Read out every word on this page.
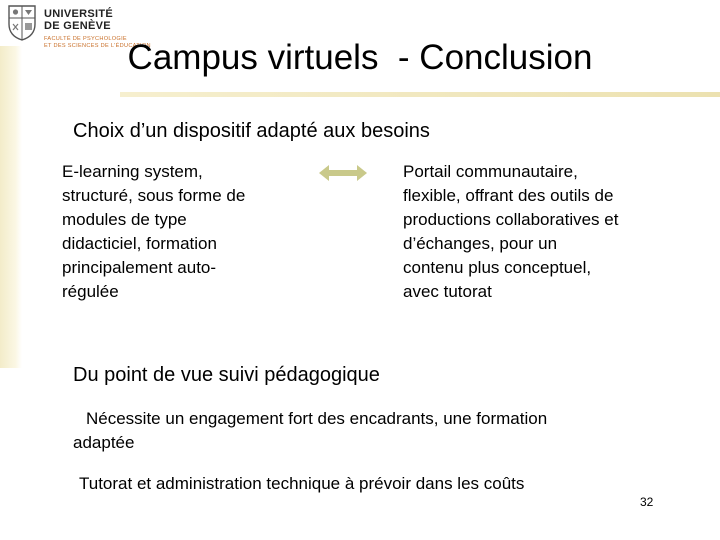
UNIVERSITÉ
DE GENÈVE
FACULTÉ DE PSYCHOLOGIE
ET DES SCIENCES DE L'ÉDUCATION
Campus virtuels  - Conclusion
Choix d’un dispositif adapté aux besoins
E-learning system,
structuré, sous forme de
modules de type
didacticiel, formation
principalement auto-
régulée
Portail communautaire,
flexible, offrant des outils de
productions collaboratives et
d’échanges, pour un
contenu plus conceptuel,
avec tutorat
Du point de vue suivi pédagogique
Nécessite un engagement fort des encadrants, une formation
adaptée
Tutorat et administration technique à prévoir dans les coûts
32
